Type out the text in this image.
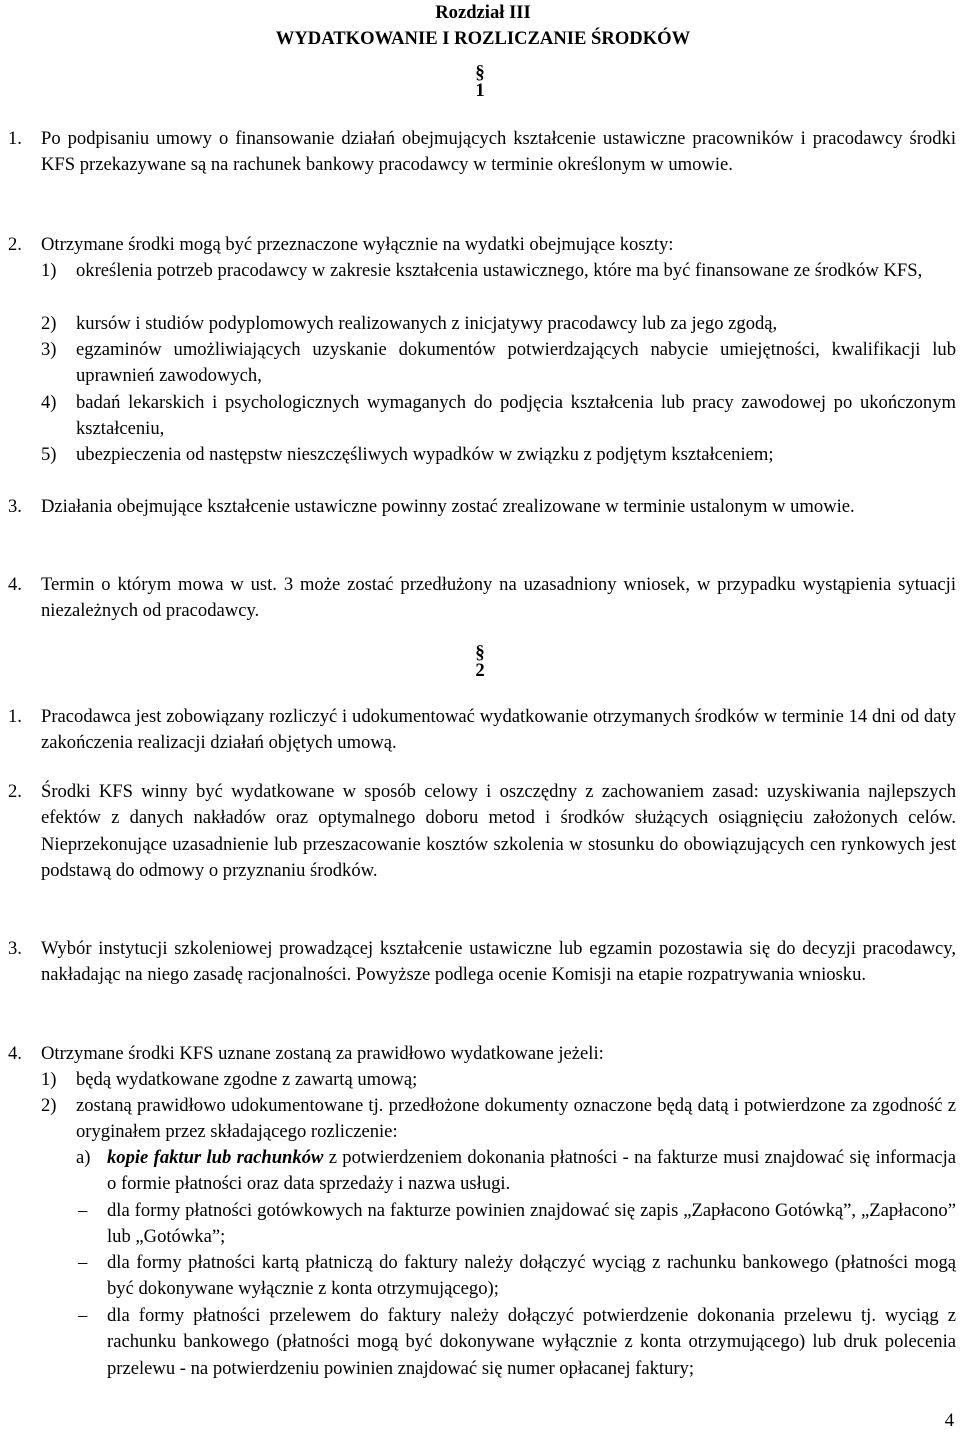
Rozdział III
WYDATKOWANIE I ROZLICZANIE ŚRODKÓW
§
1
1. Po podpisaniu umowy o finansowanie działań obejmujących kształcenie ustawiczne pracowników i pracodawcy środki KFS przekazywane są na rachunek bankowy pracodawcy w terminie określonym w umowie.
2. Otrzymane środki mogą być przeznaczone wyłącznie na wydatki obejmujące koszty:
1) określenia potrzeb pracodawcy w zakresie kształcenia ustawicznego, które ma być finansowane ze środków KFS,
2) kursów i studiów podyplomowych realizowanych z inicjatywy pracodawcy lub za jego zgodą,
3) egzaminów umożliwiających uzyskanie dokumentów potwierdzających nabycie umiejętności, kwalifikacji lub uprawnień zawodowych,
4) badań lekarskich i psychologicznych wymaganych do podjęcia kształcenia lub pracy zawodowej po ukończonym kształceniu,
5) ubezpieczenia od następstw nieszczęśliwych wypadków w związku z podjętym kształceniem;
3. Działania obejmujące kształcenie ustawiczne powinny zostać zrealizowane w terminie ustalonym w umowie.
4. Termin o którym mowa w ust. 3 może zostać przedłużony na uzasadniony wniosek, w przypadku wystąpienia sytuacji niezależnych od pracodawcy.
§
2
1. Pracodawca jest zobowiązany rozliczyć i udokumentować wydatkowanie otrzymanych środków w terminie 14 dni od daty zakończenia realizacji działań objętych umową.
2. Środki KFS winny być wydatkowane w sposób celowy i oszczędny z zachowaniem zasad: uzyskiwania najlepszych efektów z danych nakładów oraz optymalnego doboru metod i środków służących osiągnięciu założonych celów. Nieprzekonujące uzasadnienie lub przeszacowanie kosztów szkolenia w stosunku do obowiązujących cen rynkowych jest podstawą do odmowy o przyznaniu środków.
3. Wybór instytucji szkoleniowej prowadzącej kształcenie ustawiczne lub egzamin pozostawia się do decyzji pracodawcy, nakładając na niego zasadę racjonalności. Powyższe podlega ocenie Komisji na etapie rozpatrywania wniosku.
4. Otrzymane środki KFS uznane zostaną za prawidłowo wydatkowane jeżeli:
1) będą wydatkowane zgodne z zawartą umową;
2) zostaną prawidłowo udokumentowane tj. przedłożone dokumenty oznaczone będą datą i potwierdzone za zgodność z oryginałem przez składającego rozliczenie:
a) kopie faktur lub rachunków z potwierdzeniem dokonania płatności - na fakturze musi znajdować się informacja o formie płatności oraz data sprzedaży i nazwa usługi.
– dla formy płatności gotówkowych na fakturze powinien znajdować się zapis „Zapłacono Gotówką”, „Zapłacono” lub „Gotówka”;
– dla formy płatności kartą płatniczą do faktury należy dołączyć wyciąg z rachunku bankowego (płatności mogą być dokonywane wyłącznie z konta otrzymującego);
– dla formy płatności przelewem do faktury należy dołączyć potwierdzenie dokonania przelewu tj. wyciąg z rachunku bankowego (płatności mogą być dokonywane wyłącznie z konta otrzymującego) lub druk polecenia przelewu - na potwierdzeniu powinien znajdować się numer opłacanej faktury;
4
